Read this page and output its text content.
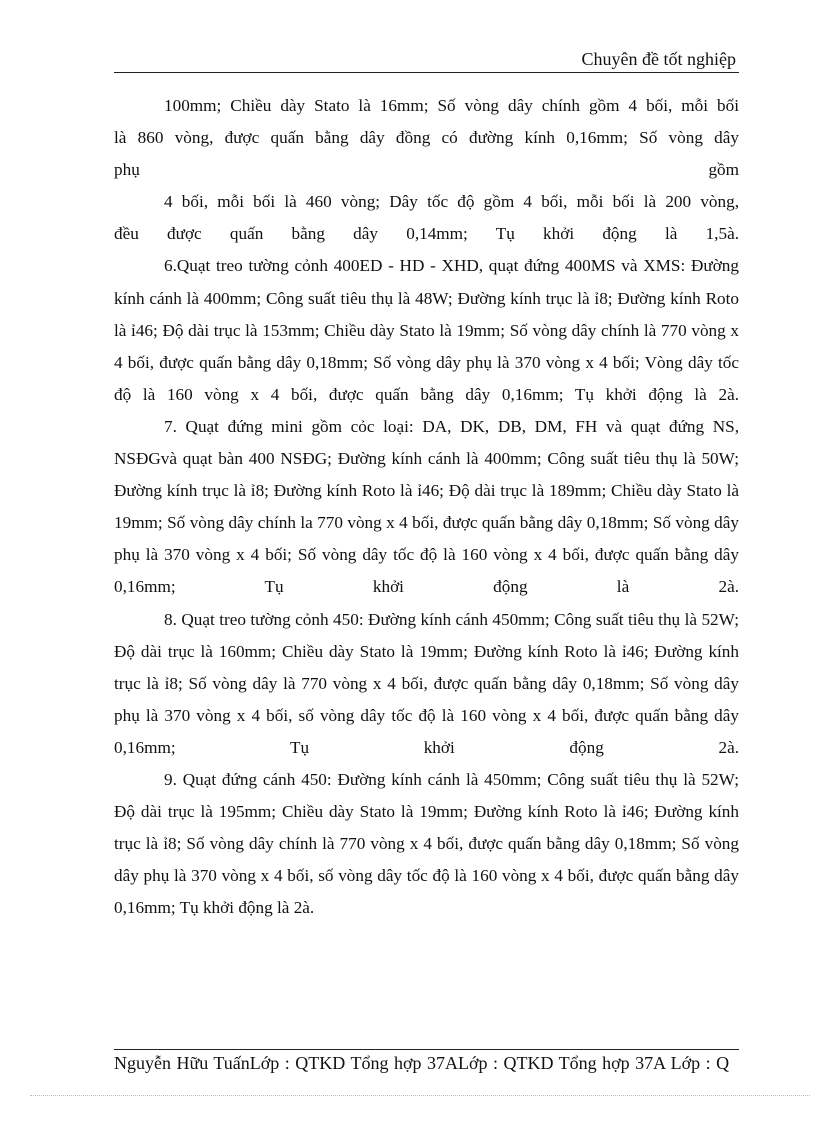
Chuyên đề tốt nghiệp

100mm; Chiều dày Stato là 16mm; Số vòng dây chính gồm 4 bối, mỗi bối
là 860 vòng, được quấn bằng dây đồng có đường kính 0,16mm; Số vòng dây
phụ gồm

4 bối, mỗi bối là 460 vòng; Dây tốc độ gồm 4 bối, mỗi bối là 200 vòng,
đều được quấn bằng dây 0,14mm; Tụ khởi động là 1,5à.

6.Quạt treo tường cỏnh 400ED - HD - XHD, quạt đứng 400MS và XMS: Đường kính cánh là 400mm; Công suất tiêu thụ là 48W; Đường kính trục là ỉ8; Đường kính Roto là ỉ46; Độ dài trục là 153mm; Chiều dày Stato là 19mm; Số vòng dây chính là 770 vòng x 4 bối, được quấn bằng dây 0,18mm; Số vòng dây phụ là 370 vòng x 4 bối; Vòng dây tốc độ là 160 vòng x 4 bối, được quấn bằng dây 0,16mm; Tụ khởi động là 2à.

7. Quạt đứng mini gồm cỏc loại: DA, DK, DB, DM, FH và quạt đứng NS, NSĐGvà quạt bàn 400 NSĐG; Đường kính cánh là 400mm; Công suất tiêu thụ là 50W; Đường kính trục là ỉ8; Đường kính Roto là ỉ46; Độ dài trục là 189mm; Chiều dày Stato là 19mm; Số vòng dây chính la 770 vòng x 4 bối, được quấn bằng dây 0,18mm; Số vòng dây phụ là 370 vòng x 4 bối; Số vòng dây tốc độ là 160 vòng x 4 bối, được quấn bằng dây 0,16mm; Tụ khởi động là 2à.

8. Quạt treo tường cỏnh 450: Đường kính cánh 450mm; Công suất tiêu thụ là 52W; Độ dài trục là 160mm; Chiều dày Stato là 19mm; Đường kính Roto là ỉ46; Đường kính trục là ỉ8; Số vòng dây là 770 vòng x 4 bối, được quấn bằng dây 0,18mm; Số vòng dây phụ là 370 vòng x 4 bối, số vòng dây tốc độ là 160 vòng x 4 bối, được quấn bằng dây 0,16mm; Tụ khởi động 2à.

9. Quạt đứng cánh 450: Đường kính cánh là 450mm; Công suất tiêu thụ là 52W; Độ dài trục là 195mm; Chiều dày Stato là 19mm; Đường kính Roto là ỉ46; Đường kính trục là ỉ8; Số vòng dây chính là 770 vòng x 4 bối, được quấn bằng dây 0,18mm; Số vòng dây phụ là 370 vòng x 4 bối, số vòng dây tốc độ là 160 vòng x 4 bối, được quấn bằng dây 0,16mm; Tụ khởi động là 2à.

Nguyễn Hữu TuấnLớp : QTKD Tổng hợp 37ALớp : QTKD Tổng hợp 37A Lớp : Q
